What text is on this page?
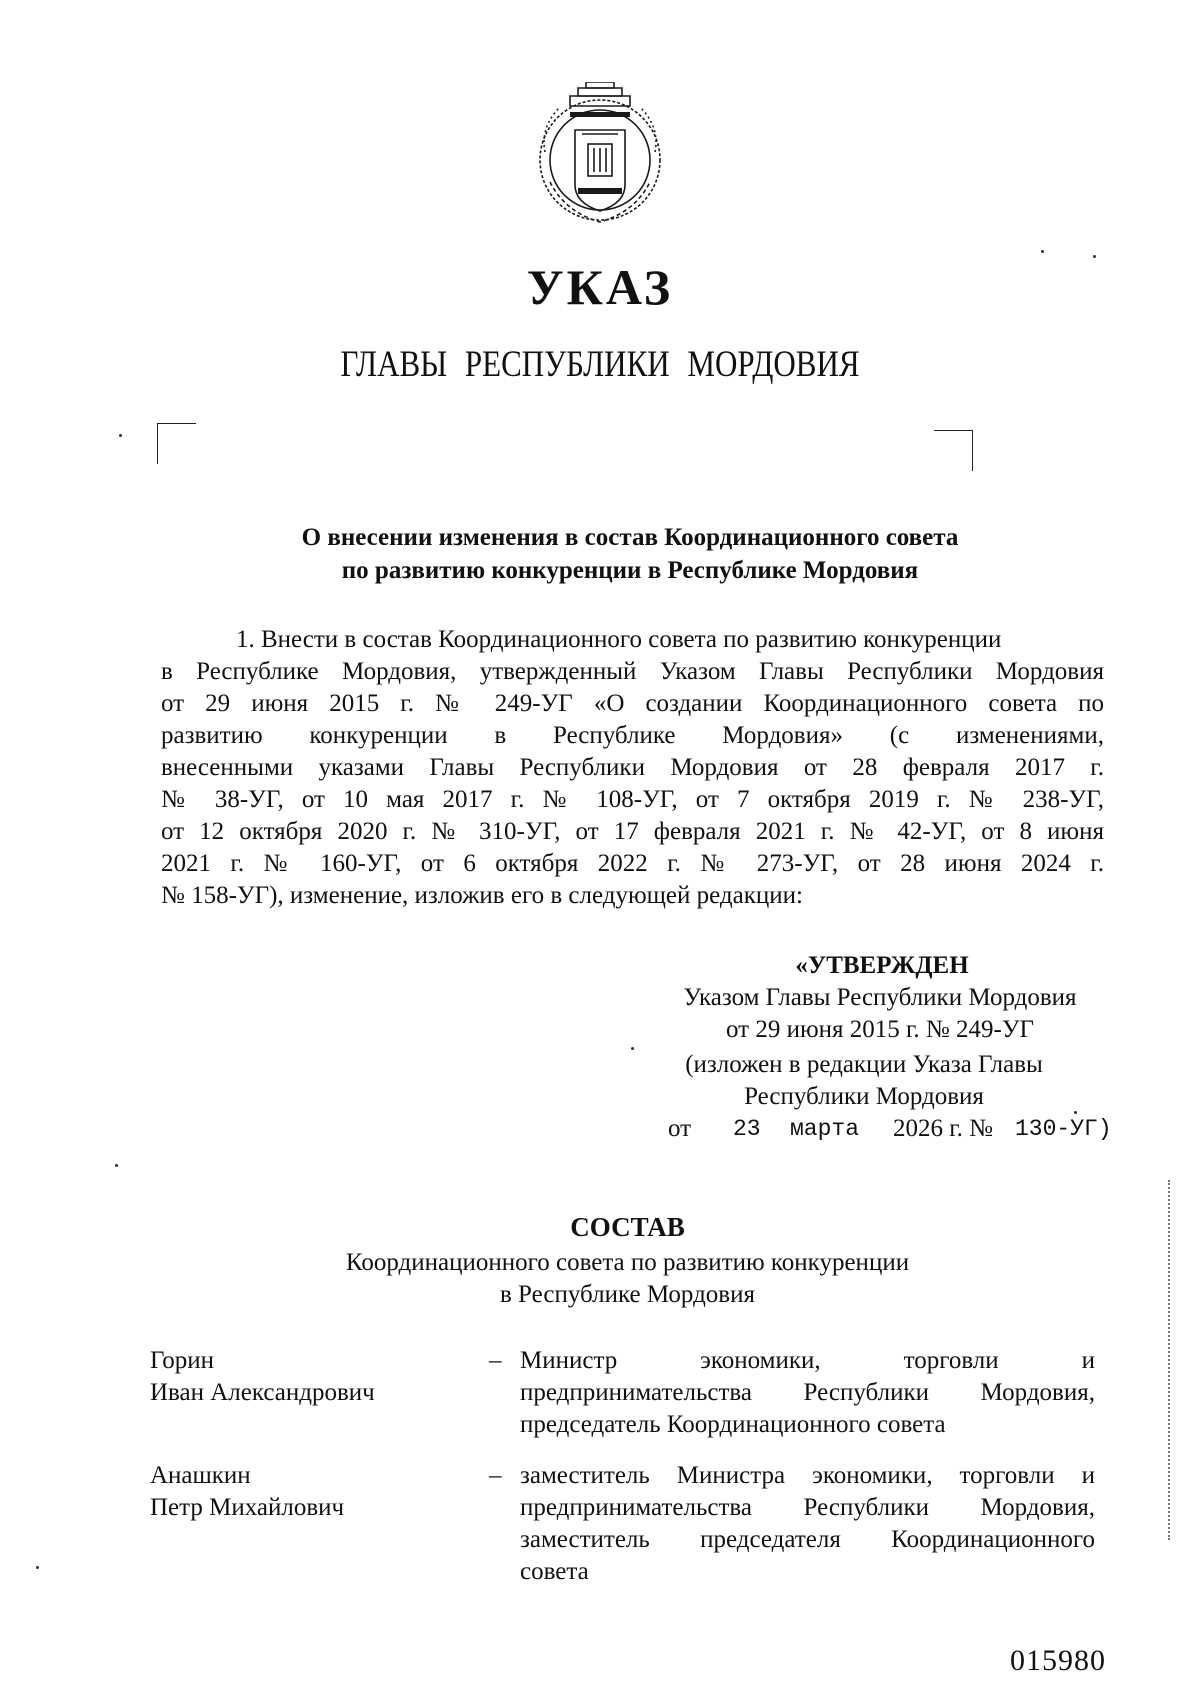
УКАЗ
ГЛАВЫ РЕСПУБЛИКИ МОРДОВИЯ
О внесении изменения в состав Координационного совета
по развитию конкуренции в Республике Мордовия
1. Внести в состав Координационного совета по развитию конкуренции
в Республике Мордовия, утвержденный Указом Главы Республики Мордовия
от 29 июня 2015 г. № 249-УГ «О создании Координационного совета по
развитию конкуренции в Республике Мордовия» (с изменениями,
внесенными указами Главы Республики Мордовия от 28 февраля 2017 г.
№ 38-УГ, от 10 мая 2017 г. № 108-УГ, от 7 октября 2019 г. № 238-УГ,
от 12 октября 2020 г. № 310-УГ, от 17 февраля 2021 г. № 42-УГ, от 8 июня
2021 г. № 160-УГ, от 6 октября 2022 г. № 273-УГ, от 28 июня 2024 г.
№ 158-УГ), изменение, изложив его в следующей редакции:
«УТВЕРЖДЕН
Указом Главы Республики Мордовия
от 29 июня 2015 г. № 249-УГ
(изложен в редакции Указа Главы
Республики Мордовия
от 23 марта 2026 г. № 130-УГ)
СОСТАВ
Координационного совета по развитию конкуренции
в Республике Мордовия
Горин
Иван Александрович
– Министр экономики, торговли и
предпринимательства Республики Мордовия,
председатель Координационного совета
Анашкин
Петр Михайлович
– заместитель Министра экономики, торговли и
предпринимательства Республики Мордовия,
заместитель председателя Координационного
совета
015980
